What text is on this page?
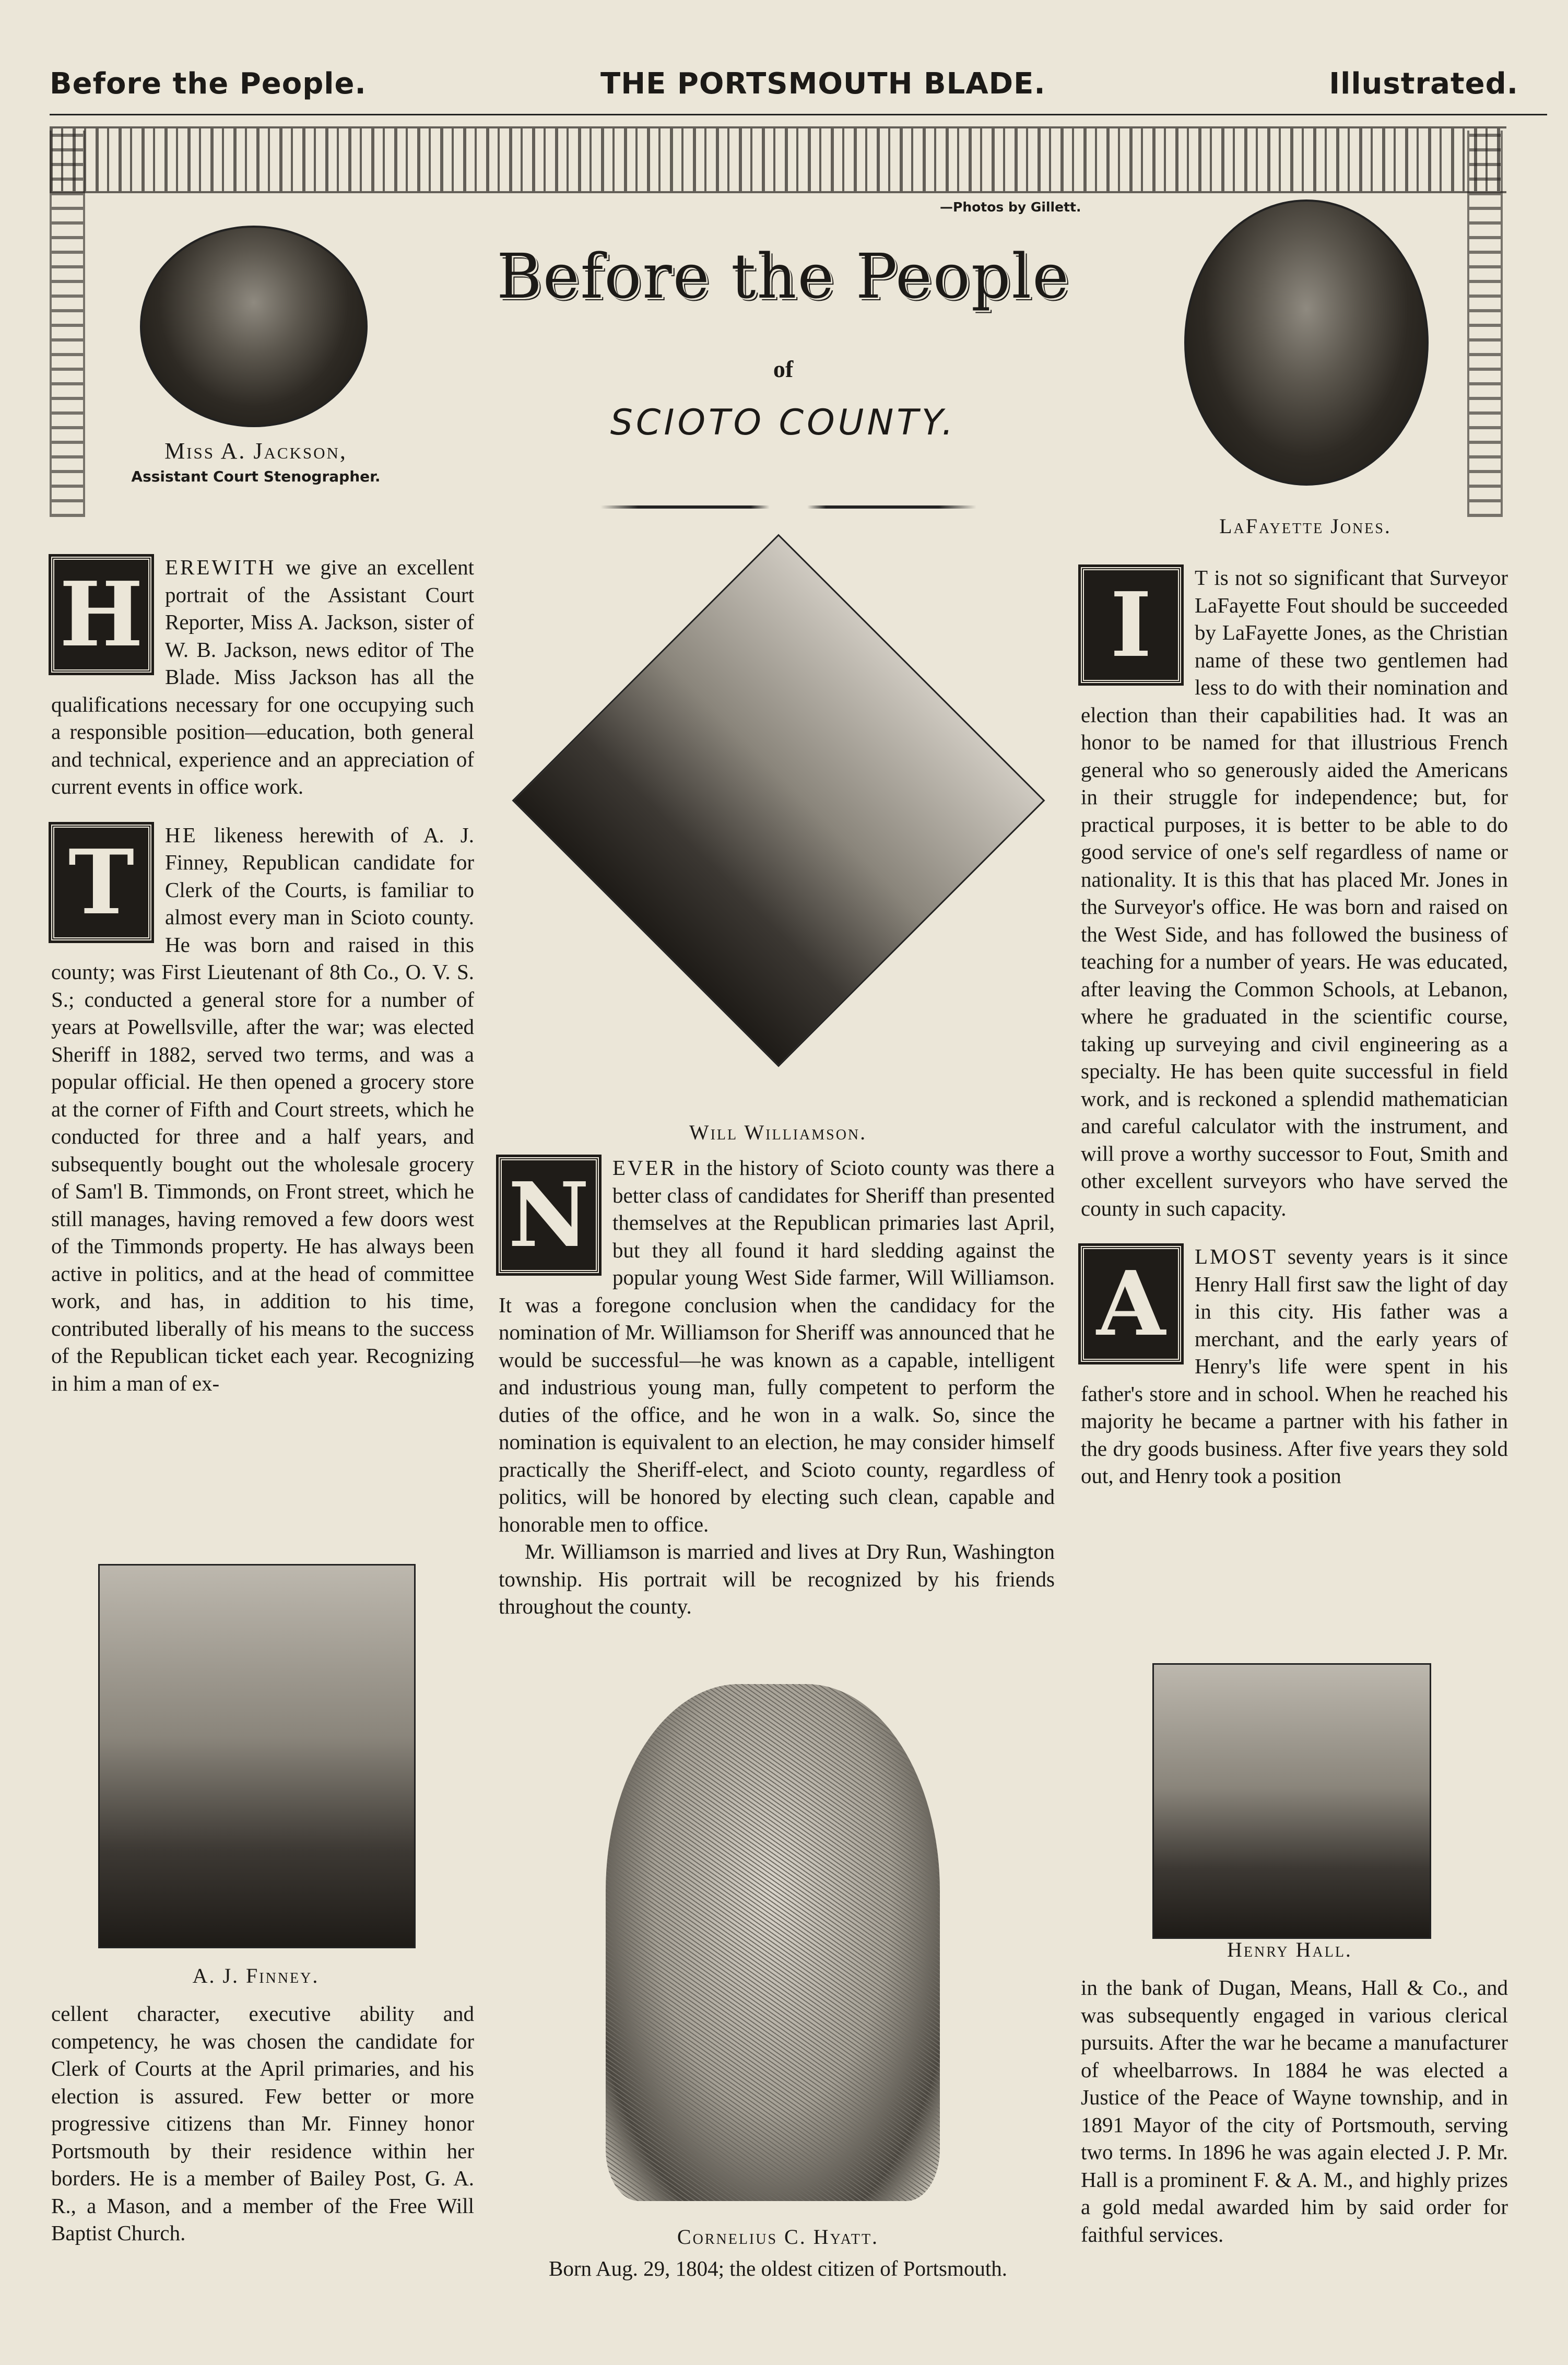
Before the People.	THE PORTSMOUTH BLADE.	Illustrated.
—Photos by Gillett.
Before the People
of
SCIOTO COUNTY.
Miss A. Jackson,
Assistant Court Stenographer.
LaFayette Jones.
Will Williamson.
A. J. Finney.
Henry Hall.
Cornelius C. Hyatt.
Born Aug. 29, 1804; the oldest citizen of Portsmouth.

H EREWITH we give an excellent portrait of the Assistant Court Reporter, Miss A. Jackson, sister of W. B. Jackson, news editor of The Blade. Miss Jackson has all the qualifications necessary for one occupying such a responsible position—education, both general and technical, experience and an appreciation of current events in office work.

T	HE likeness herewith of A. J. Finney, Republican candidate for Clerk of the Courts, is familiar to almost every man in Scioto county. He was born and raised in this county; was First Lieutenant of 8th Co., O. V. S. S.; conducted a general store for a number of years at Powellsville, after the war; was elected Sheriff in 1882, served two terms, and was a popular official. He then opened a grocery store at the corner of Fifth and Court streets, which he conducted for three and a half years, and subsequently bought out the wholesale grocery of Sam'l B. Timmonds, on Front street, which he still manages, having removed a few doors west of the Timmonds property. He has always been active in politics, and at the head of committee work, and has, in addition to his time, contributed liberally of his means to the success of the Republican ticket each year. Recognizing in him a man of ex-

cellent character, executive ability and competency, he was chosen the candidate for Clerk of Courts at the April primaries, and his election is assured. Few better or more progressive citizens than Mr. Finney honor Portsmouth by their residence within her borders. He is a member of Bailey Post, G. A. R., a Mason, and a member of the Free Will Baptist Church.

N	EVER in the history of Scioto county was there a better class of candidates for Sheriff than presented themselves at the Republican primaries last April, but they all found it hard sledding against the popular young West Side farmer, Will Williamson. It was a foregone conclusion when the candidacy for the nomination of Mr. Williamson for Sheriff was announced that he would be successful—he was known as a capable, intelligent and industrious young man, fully competent to perform the duties of the office, and he won in a walk. So, since the nomination is equivalent to an election, he may consider himself practically the Sheriff-elect, and Scioto county, regardless of politics, will be honored by electing such clean, capable and honorable men to office.

Mr. Williamson is married and lives at Dry Run, Washington township. His portrait will be recognized by his friends throughout the county.

I	T is not so significant that Surveyor LaFayette Fout should be succeeded by LaFayette Jones, as the Christian name of these two gentlemen had less to do with their nomination and election than their capabilities had. It was an honor to be named for that illustrious French general who so generously aided the Americans in their struggle for independence; but, for practical purposes, it is better to be able to do good service of one's self regardless of name or nationality. It is this that has placed Mr. Jones in the Surveyor's office. He was born and raised on the West Side, and has followed the business of teaching for a number of years. He was educated, after leaving the Common Schools, at Lebanon, where he graduated in the scientific course, taking up surveying and civil engineering as a specialty. He has been quite successful in field work, and is reckoned a splendid mathematician and careful calculator with the instrument, and will prove a worthy successor to Fout, Smith and other excellent surveyors who have served the county in such capacity.

A	LMOST seventy years is it since Henry Hall first saw the light of day in this city. His father was a merchant, and the early years of Henry's life were spent in his father's store and in school. When he reached his majority he became a partner with his father in the dry goods business. After five years they sold out, and Henry took a position

in the bank of Dugan, Means, Hall & Co., and was subsequently engaged in various clerical pursuits. After the war he became a manufacturer of wheelbarrows. In 1884 he was elected a Justice of the Peace of Wayne township, and in 1891 Mayor of the city of Portsmouth, serving two terms. In 1896 he was again elected J. P. Mr. Hall is a prominent F. & A. M., and highly prizes a gold medal awarded him by said order for faithful services.
